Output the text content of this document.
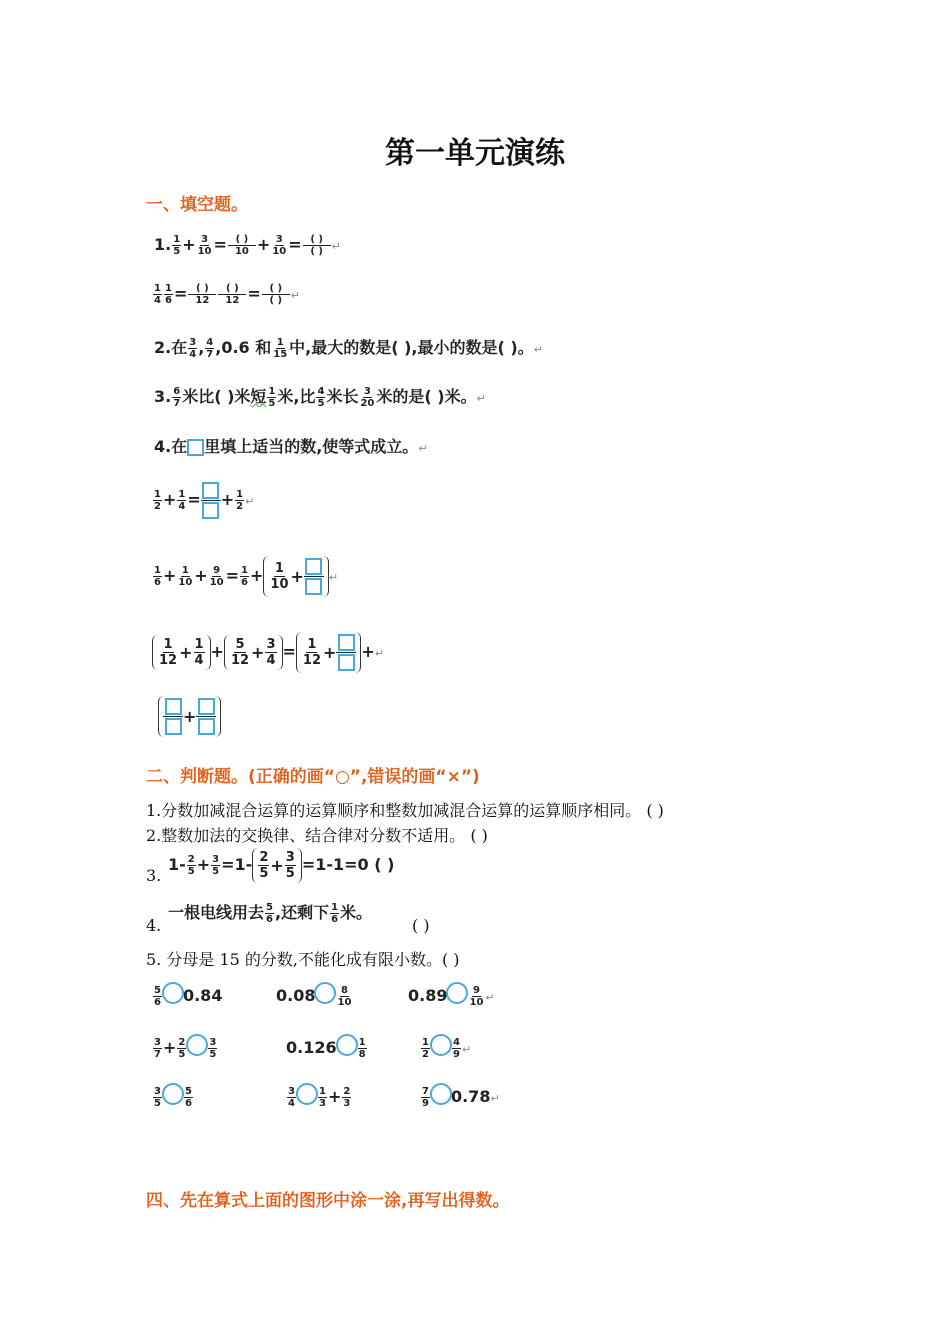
第一单元演练
一、填空题。
1. $\frac{1}{5} + \frac{3}{10} = \frac{( )}{10} + \frac{3}{10} = \frac{( )}{( )}$ ↵
$\frac{1}{4} \frac{1}{6} = \frac{( )}{12} \frac{( )}{12} = \frac{( )}{( )}$ ↵
2.在 $\frac{3}{4}$ , $\frac{4}{7} ,0.6$ 和 $\frac{1}{15}$ 中,最大的数是( ),最小的数是( )。↵
3. $\frac{6}{7}$ 米比( )米短 $\frac{1}{5}$ 米,比 $\frac{4}{5}$ 米长 $\frac{3}{20}$ 米的是( )米。↵
4.在 里填上适当的数,使等式成立。↵
$\frac{1}{2} + \frac{1}{4}$ = + $\frac{1}{2}$ ↵
$\frac{1}{6} + \frac{1}{10} + \frac{9}{10} = \frac{1}{6} + \frac{1}{10}$ + ↵
$\frac{1}{12} + \frac{1}{4} + \frac{5}{12} + \frac{3}{4} = \frac{1}{12}$ + +↵
+
二、判断题。(正确的画“○”,错误的画“×”)
1.分数加减混合运算的运算顺序和整数加减混合运算的运算顺序相同。 ( )
2.整数加法的交换律、结合律对分数不适用。 ( )
3.
$1- \frac{2}{5} + \frac{3}{5} =1- \frac{2}{5} + \frac{3}{5} =1-1=0$ ( )
4.
一根电线用去 $\frac{5}{6}$ ,还剩下 $\frac{1}{6}$ 米。
( )
5. 分母是 15 的分数,不能化成有限小数。( )
$\frac{5}{6} 0.84$	$0.08 \frac{8}{10}$	$0.89 \frac{9}{10}$ ↵
$\frac{3}{7} + \frac{2}{5} \frac{3}{5}$	$0.126 \frac{1}{8}$	$\frac{1}{2} \frac{4}{9}$ ↵
$\frac{3}{5} \frac{5}{6}$	$\frac{3}{4} \frac{1}{3} + \frac{2}{3}$	$\frac{7}{9}$ 0.78↵
四、先在算式上面的图形中涂一涂,再写出得数。
